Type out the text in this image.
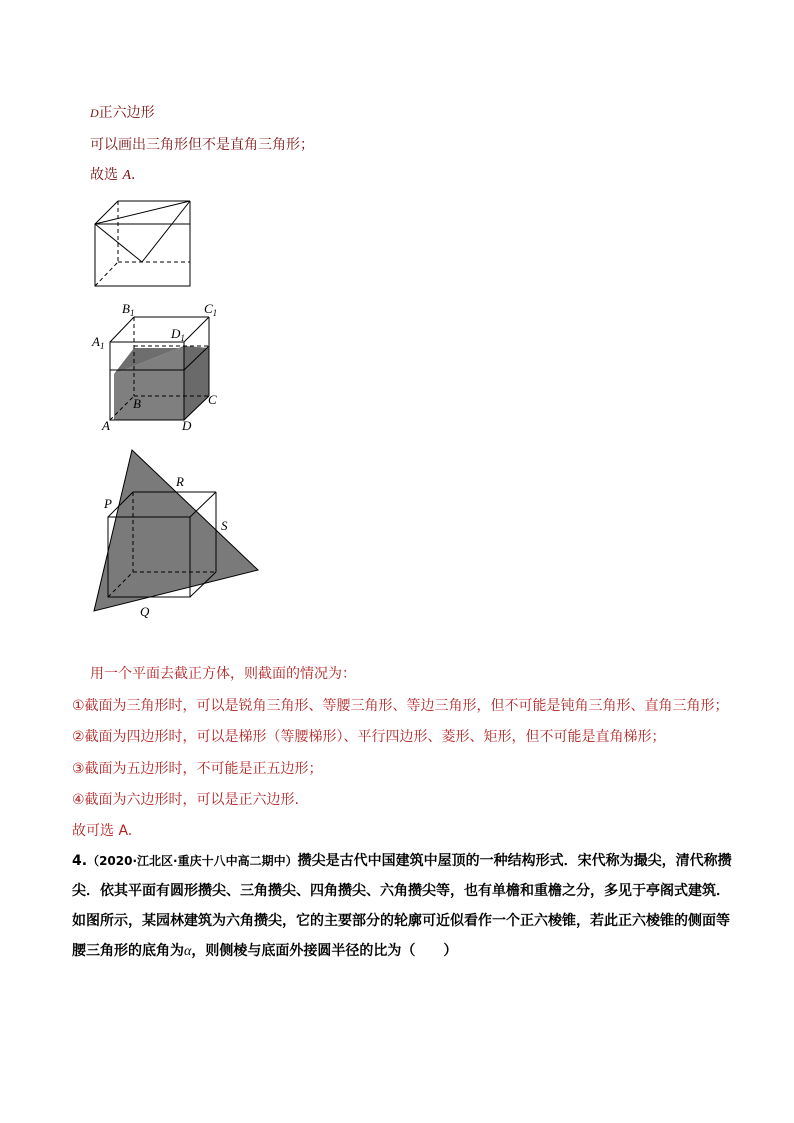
D正六边形
可以画出三角形但不是直角三角形；
故选 A.
$B_1$	$C_1$
$A_1$
$D_1$
B	C
A	D
R
P
S
Q
用一个平面去截正方体，则截面的情况为：
①截面为三角形时，可以是锐角三角形、等腰三角形、等边三角形，但不可能是钝角三角形、直角三角形；
②截面为四边形时，可以是梯形（等腰梯形）、平行四边形、菱形、矩形，但不可能是直角梯形；
③截面为五边形时，不可能是正五边形；
④截面为六边形时，可以是正六边形.
故可选 A.
4.（2020·江北区·重庆十八中高二期中）攒尖是古代中国建筑中屋顶的一种结构形式．宋代称为撮尖，清代称攒尖．依其平面有圆形攒尖、三角攒尖、四角攒尖、六角攒尖等，也有单檐和重檐之分，多见于亭阁式建筑．如图所示，某园林建筑为六角攒尖，它的主要部分的轮廓可近似看作一个正六棱锥，若此正六棱锥的侧面等腰三角形的底角为α，则侧棱与底面外接圆半径的比为（　　）
